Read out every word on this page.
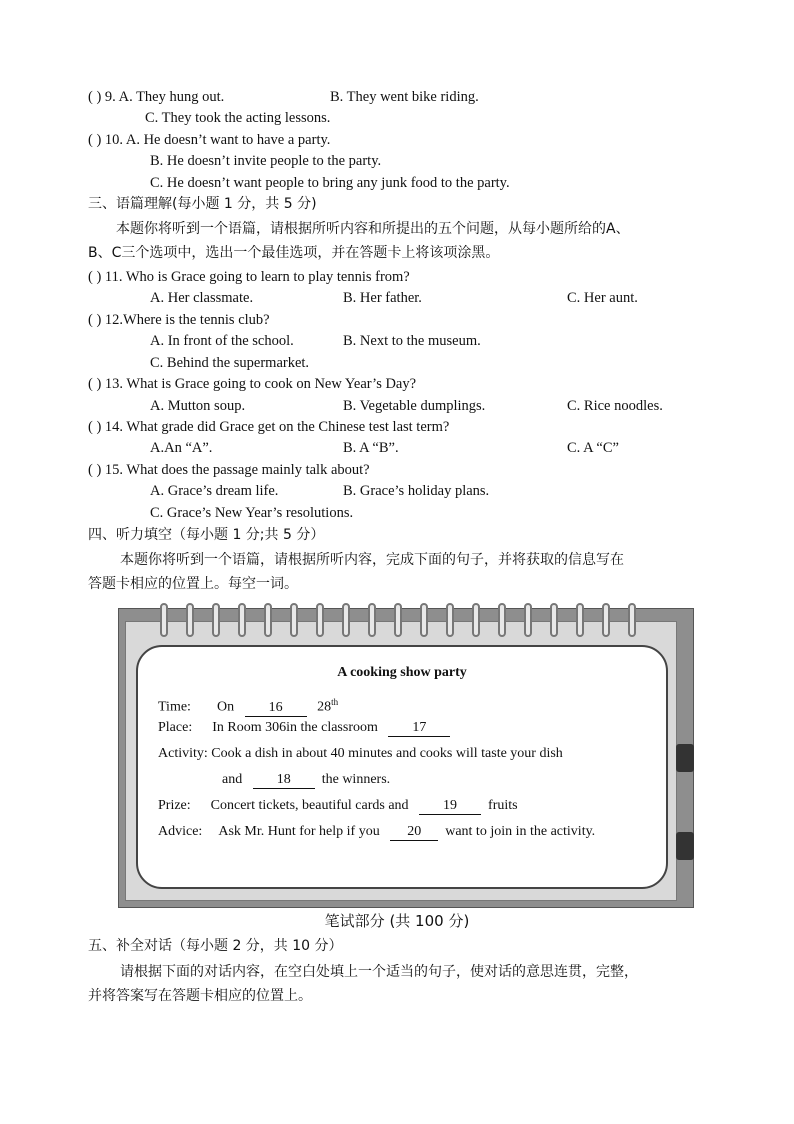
( ) 9. A. They hung out.	B. They went bike riding.
C. They took the acting lessons.
( ) 10. A. He doesn’t want to have a party.
B. He doesn’t invite people to the party.
C. He doesn’t want people to bring any junk food to the party.
三、语篇理解(每小题 1 分，共 5 分)
本题你将听到一个语篇，请根据所听内容和所提出的五个问题，从每小题所给的A、
B、C三个选项中，选出一个最佳选项，并在答题卡上将该项涂黑。
( ) 11. Who is Grace going to learn to play tennis from?
A. Her classmate.	B. Her father.	C. Her aunt.
( ) 12.Where is the tennis club?
A. In front of the school.	B. Next to the museum.
C. Behind the supermarket.
( ) 13. What is Grace going to cook on New Year’s Day?
A. Mutton soup.	B. Vegetable dumplings.	C. Rice noodles.
( ) 14. What grade did Grace get on the Chinese test last term?
A.An “A”.	B. A “B”.	C. A “C”
( ) 15. What does the passage mainly talk about?
A. Grace’s dream life.	B. Grace’s holiday plans.
C. Grace’s New Year’s resolutions.
四、听力填空（每小题 1 分;共 5 分）
本题你将听到一个语篇，请根据所听内容，完成下面的句子，并将获取的信息写在
答题卡相应的位置上。每空一词。
A cooking show party
Time: On 16 28th
Place: In Room 306in the classroom 17
Activity: Cook a dish in about 40 minutes and cooks will taste your dish
and 18 the winners.
Prize: Concert tickets, beautiful cards and 19 fruits
Advice: Ask Mr. Hunt for help if you 20 want to join in the activity.
笔试部分 (共 100 分)
五、补全对话（每小题 2 分，共 10 分）
请根据下面的对话内容，在空白处填上一个适当的句子，使对话的意思连贯，完整，
并将答案写在答题卡相应的位置上。
